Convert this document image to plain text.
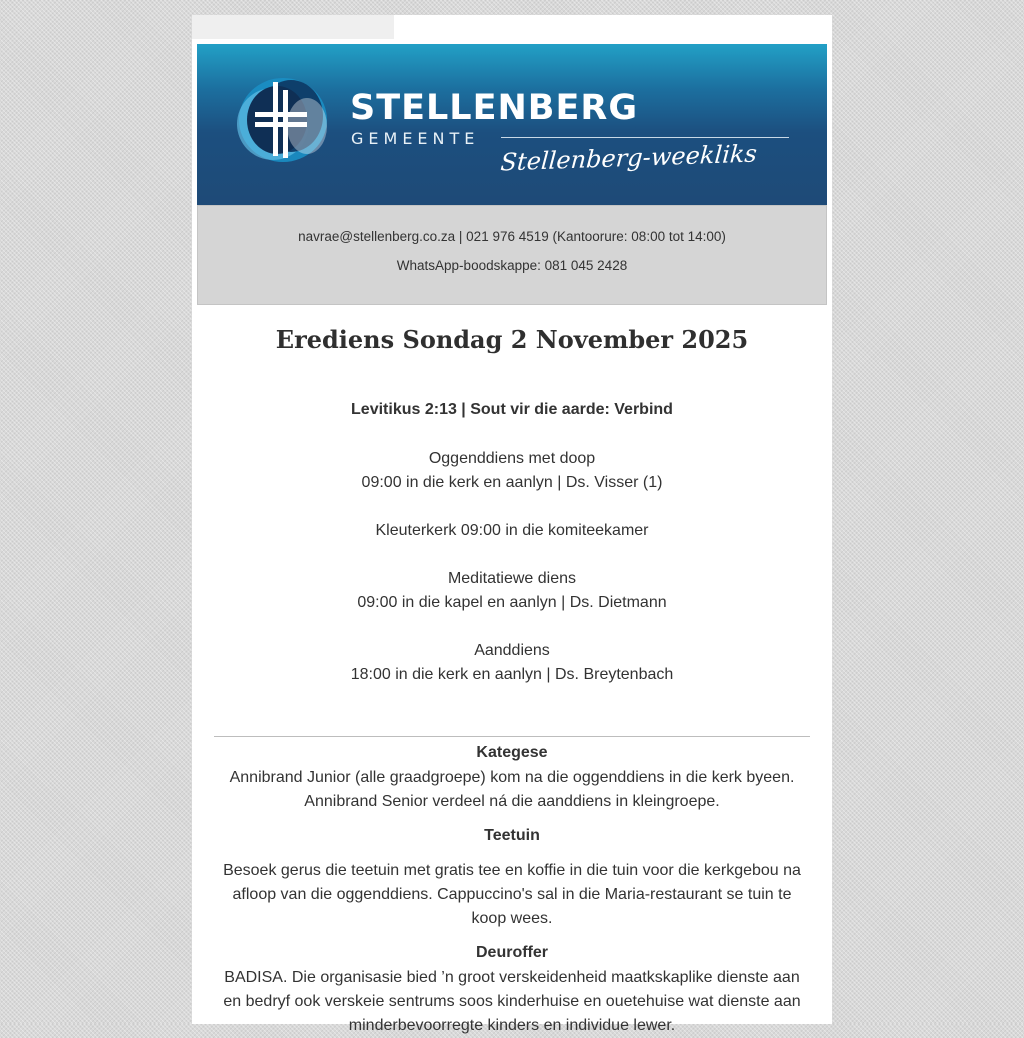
STELLENBERG
GEMEENTE
Stellenberg-weekliks
navrae@stellenberg.co.za | 021 976 4519 (Kantoorure: 08:00 tot 14:00)
WhatsApp-boodskappe: 081 045 2428
Erediens Sondag 2 November 2025
Levitikus 2:13 | Sout vir die aarde: Verbind
Oggenddiens met doop
09:00 in die kerk en aanlyn | Ds. Visser (1)
Kleuterkerk 09:00 in die komiteekamer
Meditatiewe diens
09:00 in die kapel en aanlyn | Ds. Dietmann
Aanddiens
18:00 in die kerk en aanlyn | Ds. Breytenbach
Kategese
Annibrand Junior (alle graadgroepe) kom na die oggenddiens in die kerk byeen.
Annibrand Senior verdeel ná die aanddiens in kleingroepe.
Teetuin
Besoek gerus die teetuin met gratis tee en koffie in die tuin voor die kerkgebou na
afloop van die oggenddiens. Cappuccino's sal in die Maria-restaurant se tuin te
koop wees.
Deuroffer
BADISA. Die organisasie bied ’n groot verskeidenheid maatkskaplike dienste aan
en bedryf ook verskeie sentrums soos kinderhuise en ouetehuise wat dienste aan
minderbevoorregte kinders en individue lewer.
